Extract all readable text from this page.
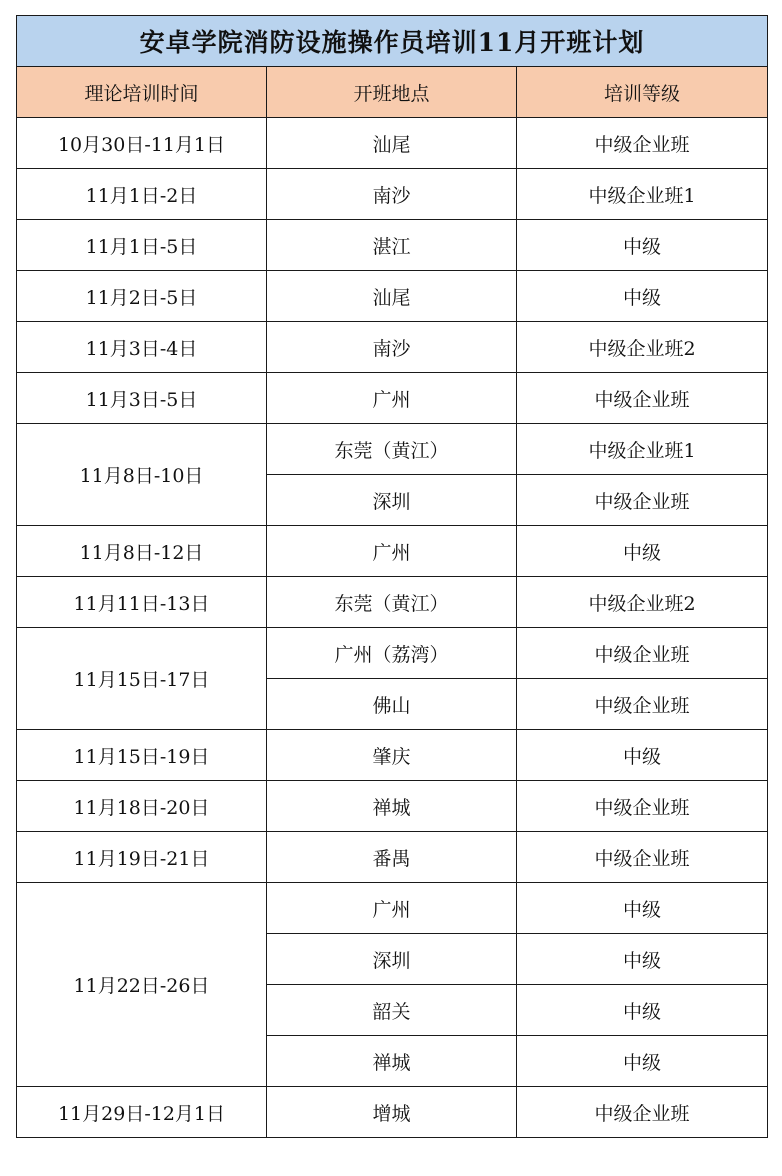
安卓学院消防设施操作员培训11月开班计划		
理论培训时间	开班地点	培训等级
10月30日-11月1日	汕尾	中级企业班
11月1日-2日	南沙	中级企业班1
11月1日-5日	湛江	中级
11月2日-5日	汕尾	中级
11月3日-4日	南沙	中级企业班2
11月3日-5日	广州	中级企业班
11月8日-10日	东莞（黄江）	中级企业班1
	深圳	中级企业班
11月8日-12日	广州	中级
11月11日-13日	东莞（黄江）	中级企业班2
11月15日-17日	广州（荔湾）	中级企业班
	佛山	中级企业班
11月15日-19日	肇庆	中级
11月18日-20日	禅城	中级企业班
11月19日-21日	番禺	中级企业班
11月22日-26日	广州	中级
	深圳	中级
	韶关	中级
	禅城	中级
11月29日-12月1日	增城	中级企业班
